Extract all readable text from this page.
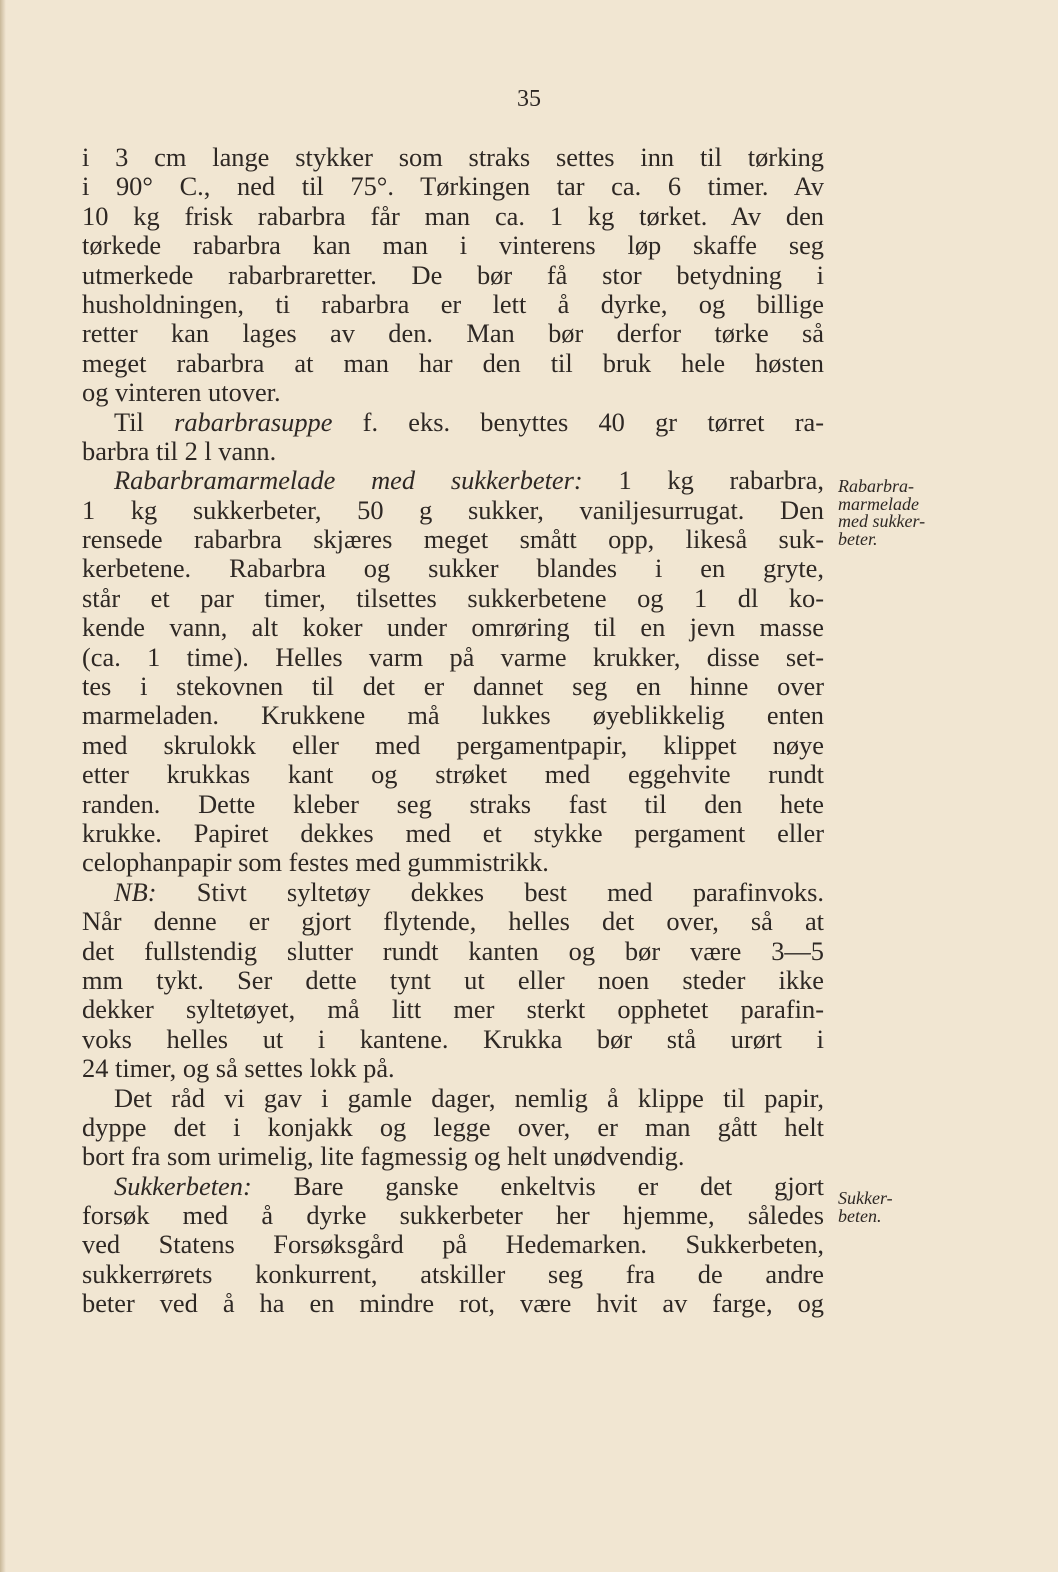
35
i 3 cm lange stykker som straks settes inn til tørking
i 90° C., ned til 75°. Tørkingen tar ca. 6 timer. Av
10 kg frisk rabarbra får man ca. 1 kg tørket. Av den
tørkede rabarbra kan man i vinterens løp skaffe seg
utmerkede rabarbraretter. De bør få stor betydning i
husholdningen, ti rabarbra er lett å dyrke, og billige
retter kan lages av den. Man bør derfor tørke så
meget rabarbra at man har den til bruk hele høsten
og vinteren utover.
Til rabarbrasuppe f. eks. benyttes 40 gr tørret ra-
barbra til 2 l vann.
Rabarbramarmelade med sukkerbeter: 1 kg rabarbra,
1 kg sukkerbeter, 50 g sukker, vaniljesurrugat. Den
rensede rabarbra skjæres meget smått opp, likeså suk-
kerbetene. Rabarbra og sukker blandes i en gryte,
står et par timer, tilsettes sukkerbetene og 1 dl ko-
kende vann, alt koker under omrøring til en jevn masse
(ca. 1 time). Helles varm på varme krukker, disse set-
tes i stekovnen til det er dannet seg en hinne over
marmeladen. Krukkene må lukkes øyeblikkelig enten
med skrulokk eller med pergamentpapir, klippet nøye
etter krukkas kant og strøket med eggehvite rundt
randen. Dette kleber seg straks fast til den hete
krukke. Papiret dekkes med et stykke pergament eller
celophanpapir som festes med gummistrikk.
NB: Stivt syltetøy dekkes best med parafinvoks.
Når denne er gjort flytende, helles det over, så at
det fullstendig slutter rundt kanten og bør være 3—5
mm tykt. Ser dette tynt ut eller noen steder ikke
dekker syltetøyet, må litt mer sterkt opphetet parafin-
voks helles ut i kantene. Krukka bør stå urørt i
24 timer, og så settes lokk på.
Det råd vi gav i gamle dager, nemlig å klippe til papir,
dyppe det i konjakk og legge over, er man gått helt
bort fra som urimelig, lite fagmessig og helt unødvendig.
Sukkerbeten: Bare ganske enkeltvis er det gjort
forsøk med å dyrke sukkerbeter her hjemme, således
ved Statens Forsøksgård på Hedemarken. Sukkerbeten,
sukkerrørets konkurrent, atskiller seg fra de andre
beter ved å ha en mindre rot, være hvit av farge, og
Rabarbra-
marmelade
med sukker-
beter.
Sukker-
beten.
